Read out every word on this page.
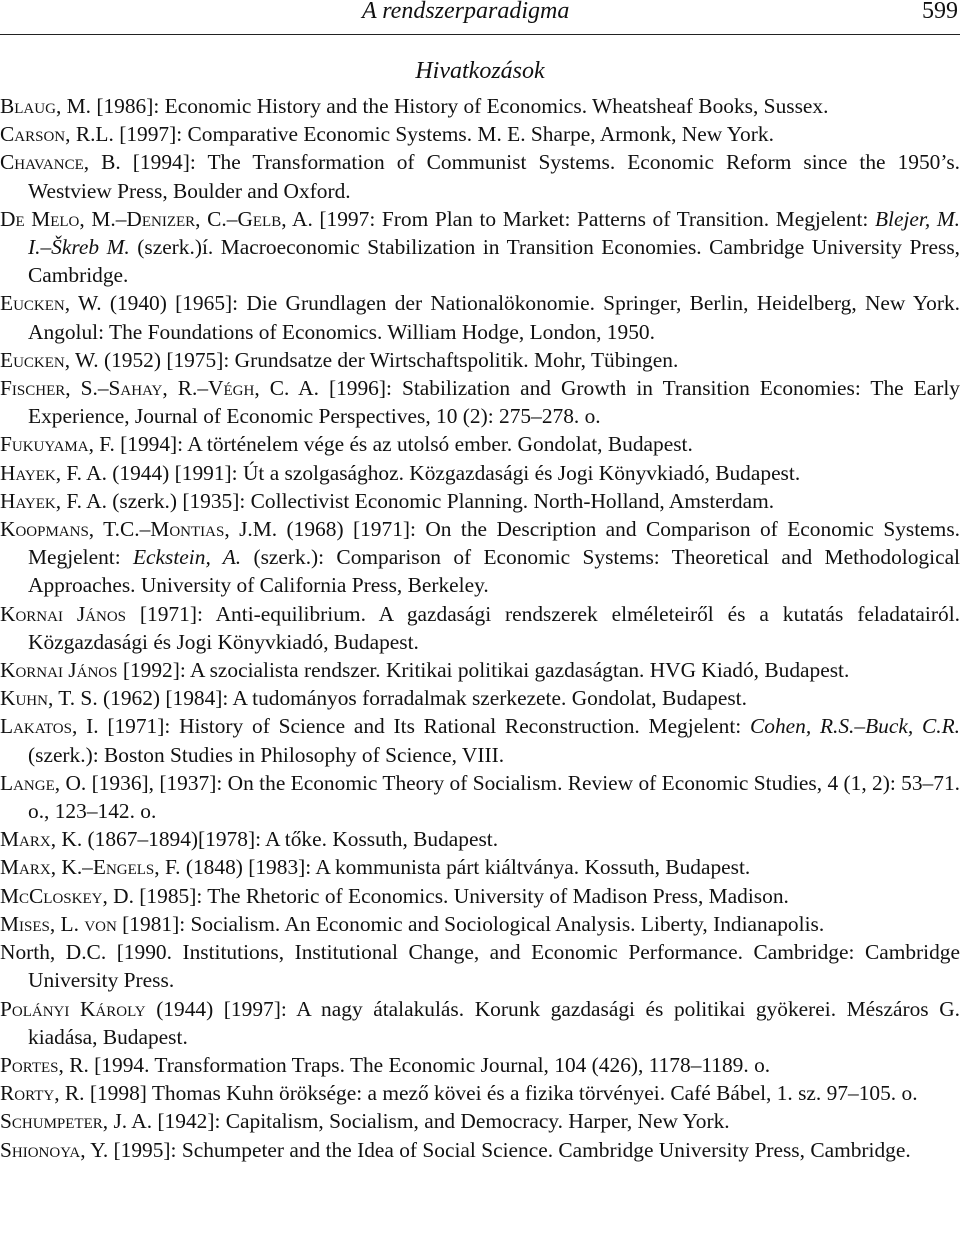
A rendszerparadigma	599
Hivatkozások
Blaug, M. [1986]: Economic History and the History of Economics. Wheatsheaf Books, Sussex.
Carson, R.L. [1997]: Comparative Economic Systems. M. E. Sharpe, Armonk, New York.
Chavance, B. [1994]: The Transformation of Communist Systems. Economic Reform since the 1950’s. Westview Press, Boulder and Oxford.
De Melo, M.–Denizer, C.–Gelb, A. [1997: From Plan to Market: Patterns of Transition. Megjelent: Blejer, M. I.–Škreb M. (szerk.)í. Macroeconomic Stabilization in Transition Economies. Cambridge University Press, Cambridge.
Eucken, W. (1940) [1965]: Die Grundlagen der Nationalökonomie. Springer, Berlin, Heidelberg, New York. Angolul: The Foundations of Economics. William Hodge, London, 1950.
Eucken, W. (1952) [1975]: Grundsatze der Wirtschaftspolitik. Mohr, Tübingen.
Fischer, S.–Sahay, R.–Végh, C. A. [1996]: Stabilization and Growth in Transition Economies: The Early Experience, Journal of Economic Perspectives, 10 (2): 275–278. o.
Fukuyama, F. [1994]: A történelem vége és az utolsó ember. Gondolat, Budapest.
Hayek, F. A. (1944) [1991]: Út a szolgasághoz. Közgazdasági és Jogi Könyvkiadó, Budapest.
Hayek, F. A. (szerk.) [1935]: Collectivist Economic Planning. North-Holland, Amsterdam.
Koopmans, T.C.–Montias, J.M. (1968) [1971]: On the Description and Comparison of Economic Systems. Megjelent: Eckstein, A. (szerk.): Comparison of Economic Systems: Theoretical and Methodological Approaches. University of California Press, Berkeley.
Kornai János [1971]: Anti-equilibrium. A gazdasági rendszerek elméleteiről és a kutatás feladatairól. Közgazdasági és Jogi Könyvkiadó, Budapest.
Kornai János [1992]: A szocialista rendszer. Kritikai politikai gazdaságtan. HVG Kiadó, Budapest.
Kuhn, T. S. (1962) [1984]: A tudományos forradalmak szerkezete. Gondolat, Budapest.
Lakatos, I. [1971]: History of Science and Its Rational Reconstruction. Megjelent: Cohen, R.S.–Buck, C.R. (szerk.): Boston Studies in Philosophy of Science, VIII.
Lange, O. [1936], [1937]: On the Economic Theory of Socialism. Review of Economic Studies, 4 (1, 2): 53–71. o., 123–142. o.
Marx, K. (1867–1894)[1978]: A tőke. Kossuth, Budapest.
Marx, K.–Engels, F. (1848) [1983]: A kommunista párt kiáltványa. Kossuth, Budapest.
McCloskey, D. [1985]: The Rhetoric of Economics. University of Madison Press, Madison.
Mises, L. von [1981]: Socialism. An Economic and Sociological Analysis. Liberty, Indianapolis.
North, D.C. [1990. Institutions, Institutional Change, and Economic Performance. Cambridge: Cambridge University Press.
Polányi Károly (1944) [1997]: A nagy átalakulás. Korunk gazdasági és politikai gyökerei. Mészáros G. kiadása, Budapest.
Portes, R. [1994. Transformation Traps. The Economic Journal, 104 (426), 1178–1189. o.
Rorty, R. [1998] Thomas Kuhn öröksége: a mező kövei és a fizika törvényei. Café Bábel, 1. sz. 97–105. o.
Schumpeter, J. A. [1942]: Capitalism, Socialism, and Democracy. Harper, New York.
Shionoya, Y. [1995]: Schumpeter and the Idea of Social Science. Cambridge University Press, Cambridge.
